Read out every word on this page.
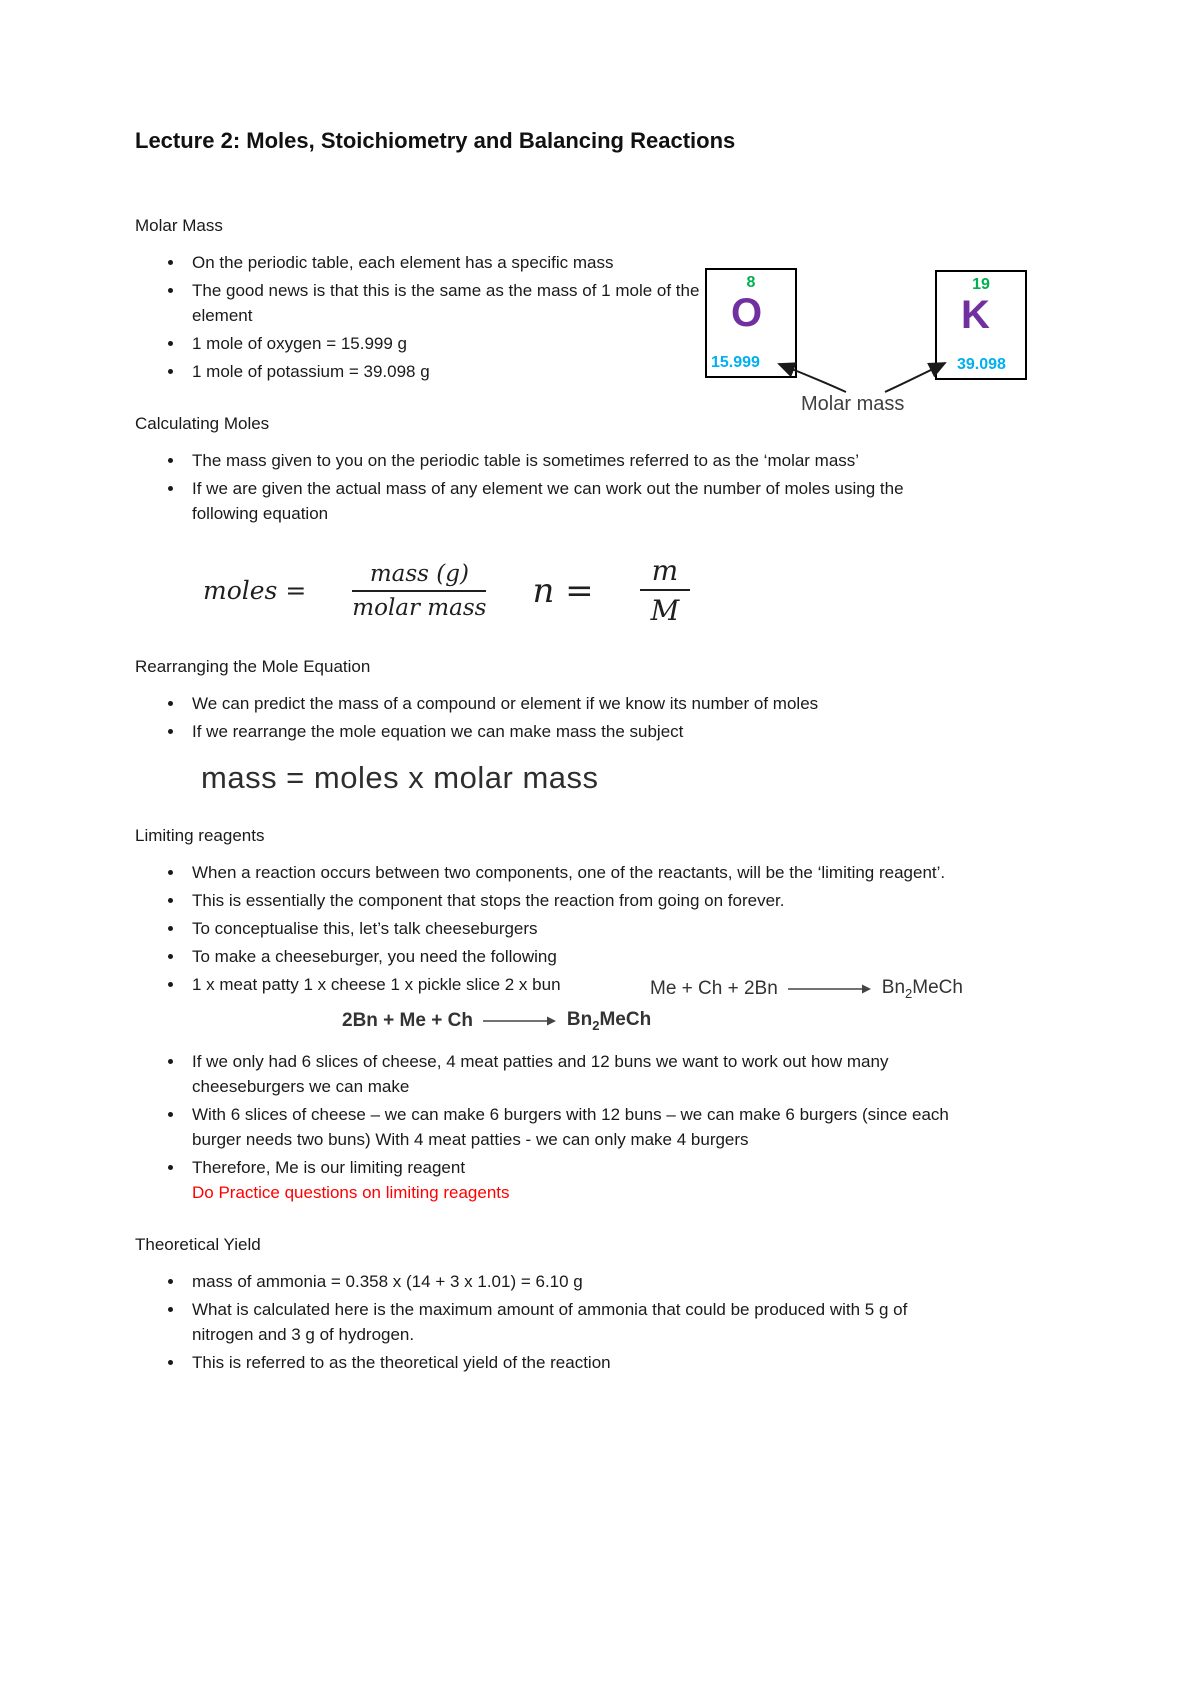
Lecture 2: Moles, Stoichiometry and Balancing Reactions
Molar Mass
• On the periodic table, each element has a specific mass
• The good news is that this is the same as the mass of 1 mole of the element
• 1 mole of oxygen = 15.999 g
• 1 mole of potassium = 39.098 g
Calculating Moles
• The mass given to you on the periodic table is sometimes referred to as the ‘molar mass’
• If we are given the actual mass of any element we can work out the number of moles using the following equation
moles = $\frac{\text{mass (g)}}{\text{molar mass}}$ $n = \frac{m}{M}$
Rearranging the Mole Equation
• We can predict the mass of a compound or element if we know its number of moles
• If we rearrange the mole equation we can make mass the subject
mass = moles x molar mass
Limiting reagents
• When a reaction occurs between two components, one of the reactants, will be the ‘limiting reagent’.
• This is essentially the component that stops the reaction from going on forever.
• To conceptualise this, let’s talk cheeseburgers
• To make a cheeseburger, you need the following
• 1 x meat patty 1 x cheese 1 x pickle slice 2 x bun	Me + Ch + 2Bn	$Bn_2MeCh$
$2Bn + Me + Ch \to Bn_2MeCh$
• If we only had 6 slices of cheese, 4 meat patties and 12 buns we want to work out how many cheeseburgers we can make
• With 6 slices of cheese – we can make 6 burgers with 12 buns – we can make 6 burgers (since each burger needs two buns) With 4 meat patties - we can only make 4 burgers
• Therefore, Me is our limiting reagent
Do Practice questions on limiting reagents
Theoretical Yield
• mass of ammonia = 0.358 x (14 + 3 x 1.01) = 6.10 g
• What is calculated here is the maximum amount of ammonia that could be produced with 5 g of nitrogen and 3 g of hydrogen.
• This is referred to as the theoretical yield of the reaction
8
O
15.999
19
K
39.098
Molar mass
